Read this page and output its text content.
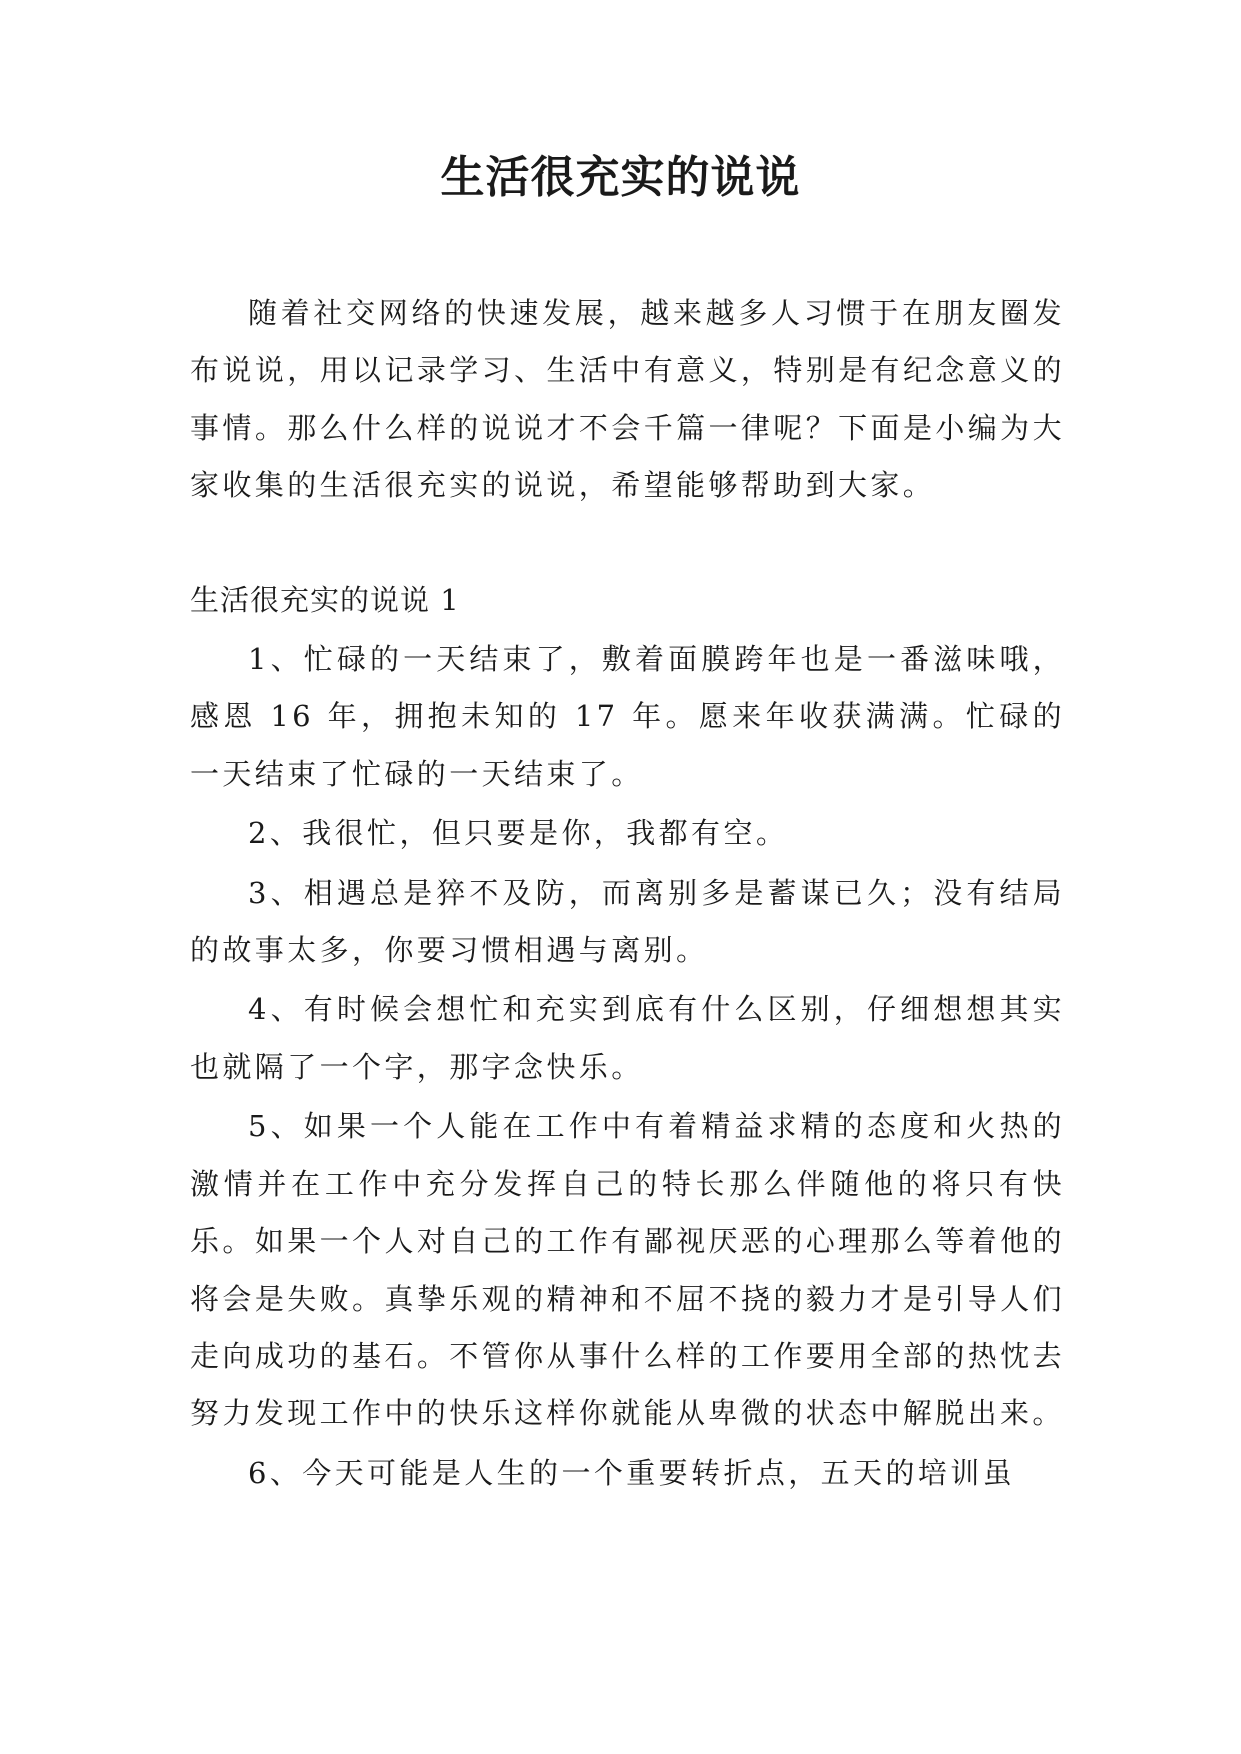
生活很充实的说说

随着社交网络的快速发展，越来越多人习惯于在朋友圈发布说说，用以记录学习、生活中有意义，特别是有纪念意义的事情。那么什么样的说说才不会千篇一律呢？下面是小编为大家收集的生活很充实的说说，希望能够帮助到大家。

生活很充实的说说 1

1、忙碌的一天结束了，敷着面膜跨年也是一番滋味哦，感恩 16 年，拥抱未知的 17 年。愿来年收获满满。忙碌的一天结束了忙碌的一天结束了。

2、我很忙，但只要是你，我都有空。

3、相遇总是猝不及防，而离别多是蓄谋已久；没有结局的故事太多，你要习惯相遇与离别。

4、有时候会想忙和充实到底有什么区别，仔细想想其实也就隔了一个字，那字念快乐。

5、如果一个人能在工作中有着精益求精的态度和火热的激情并在工作中充分发挥自己的特长那么伴随他的将只有快乐。如果一个人对自己的工作有鄙视厌恶的心理那么等着他的将会是失败。真挚乐观的精神和不屈不挠的毅力才是引导人们走向成功的基石。不管你从事什么样的工作要用全部的热忱去努力发现工作中的快乐这样你就能从卑微的状态中解脱出来。

6、今天可能是人生的一个重要转折点，五天的培训虽
